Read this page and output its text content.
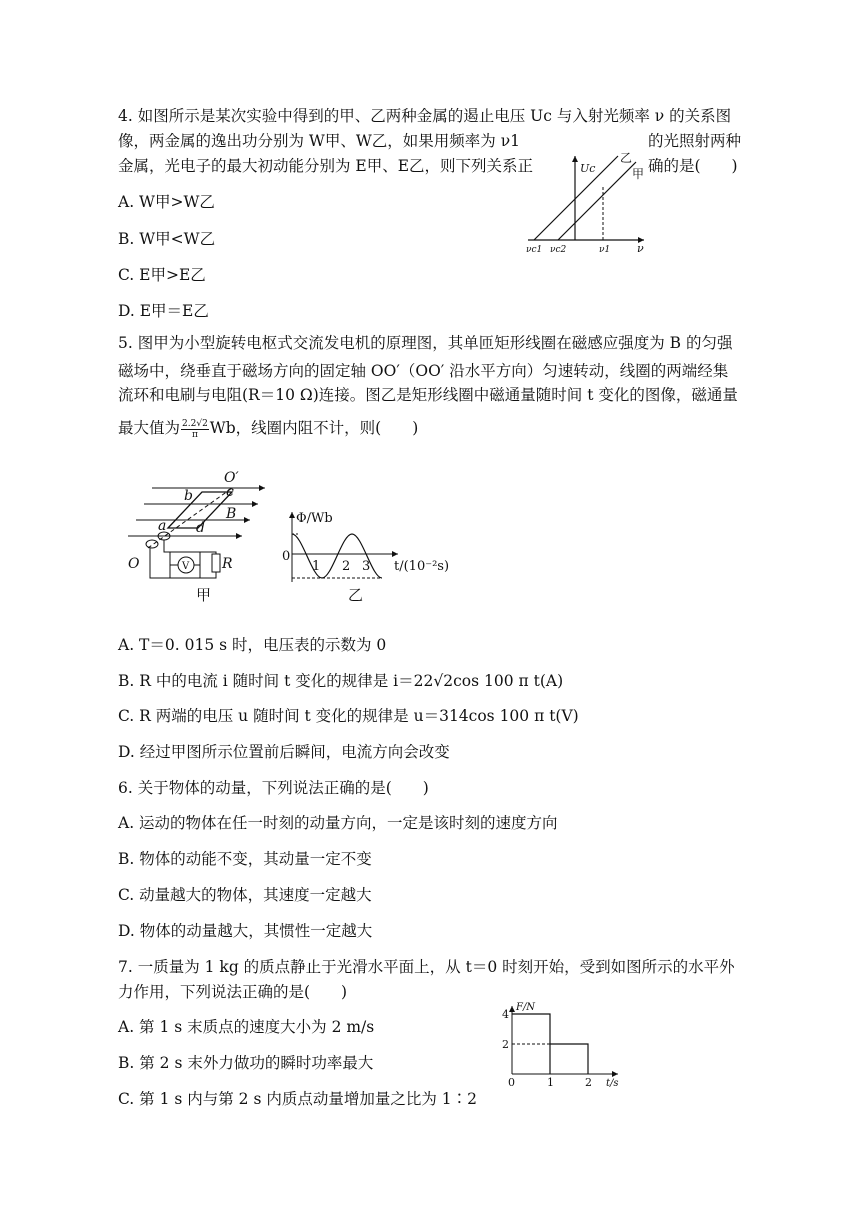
4. 如图所示是某次实验中得到的甲、乙两种金属的遏止电压 Uc 与入射光频率 ν 的关系图
像，两金属的逸出功分别为 W甲、W乙，如果用频率为 ν1	的光照射两种
金属，光电子的最大初动能分别为 E甲、E乙，则下列关系正	确的是(　　)
A. W甲>W乙
B. W甲<W乙
C. E甲>E乙
D. E甲＝E乙
Uc
乙
甲
νc1 νc2	ν1 ν
5. 图甲为小型旋转电枢式交流发电机的原理图，其单匝矩形线圈在磁感应强度为 B 的匀强
磁场中，绕垂直于磁场方向的固定轴 OO′（OO′ 沿水平方向）匀速转动，线圈的两端经集
流环和电刷与电阻(R＝10 Ω)连接。图乙是矩形线圈中磁通量随时间 t 变化的图像，磁通量
最大值为 $\frac{2.2√2}{\pi}$ Wb，线圈内阻不计，则(　　)
O′
b c
B
a d
O	V R
甲
Φ/Wb
0
1 2 3 t/(10⁻²s)
乙
A. T＝0. 015 s 时，电压表的示数为 0
B. R 中的电流 i 随时间 t 变化的规律是 i＝22√2cos 100 π t(A)
C. R 两端的电压 u 随时间 t 变化的规律是 u＝314cos 100 π t(V)
D. 经过甲图所示位置前后瞬间，电流方向会改变
6. 关于物体的动量，下列说法正确的是(　　)
A. 运动的物体在任一时刻的动量方向，一定是该时刻的速度方向
B. 物体的动能不变，其动量一定不变
C. 动量越大的物体，其速度一定越大
D. 物体的动量越大，其惯性一定越大
7. 一质量为 1 kg 的质点静止于光滑水平面上，从 t＝0 时刻开始，受到如图所示的水平外
力作用，下列说法正确的是(　　)
A. 第 1 s 末质点的速度大小为 2 m/s
B. 第 2 s 末外力做功的瞬时功率最大
C. 第 1 s 内与第 2 s 内质点动量增加量之比为 1∶2
F/N
4
2
0	1	2 t/s
